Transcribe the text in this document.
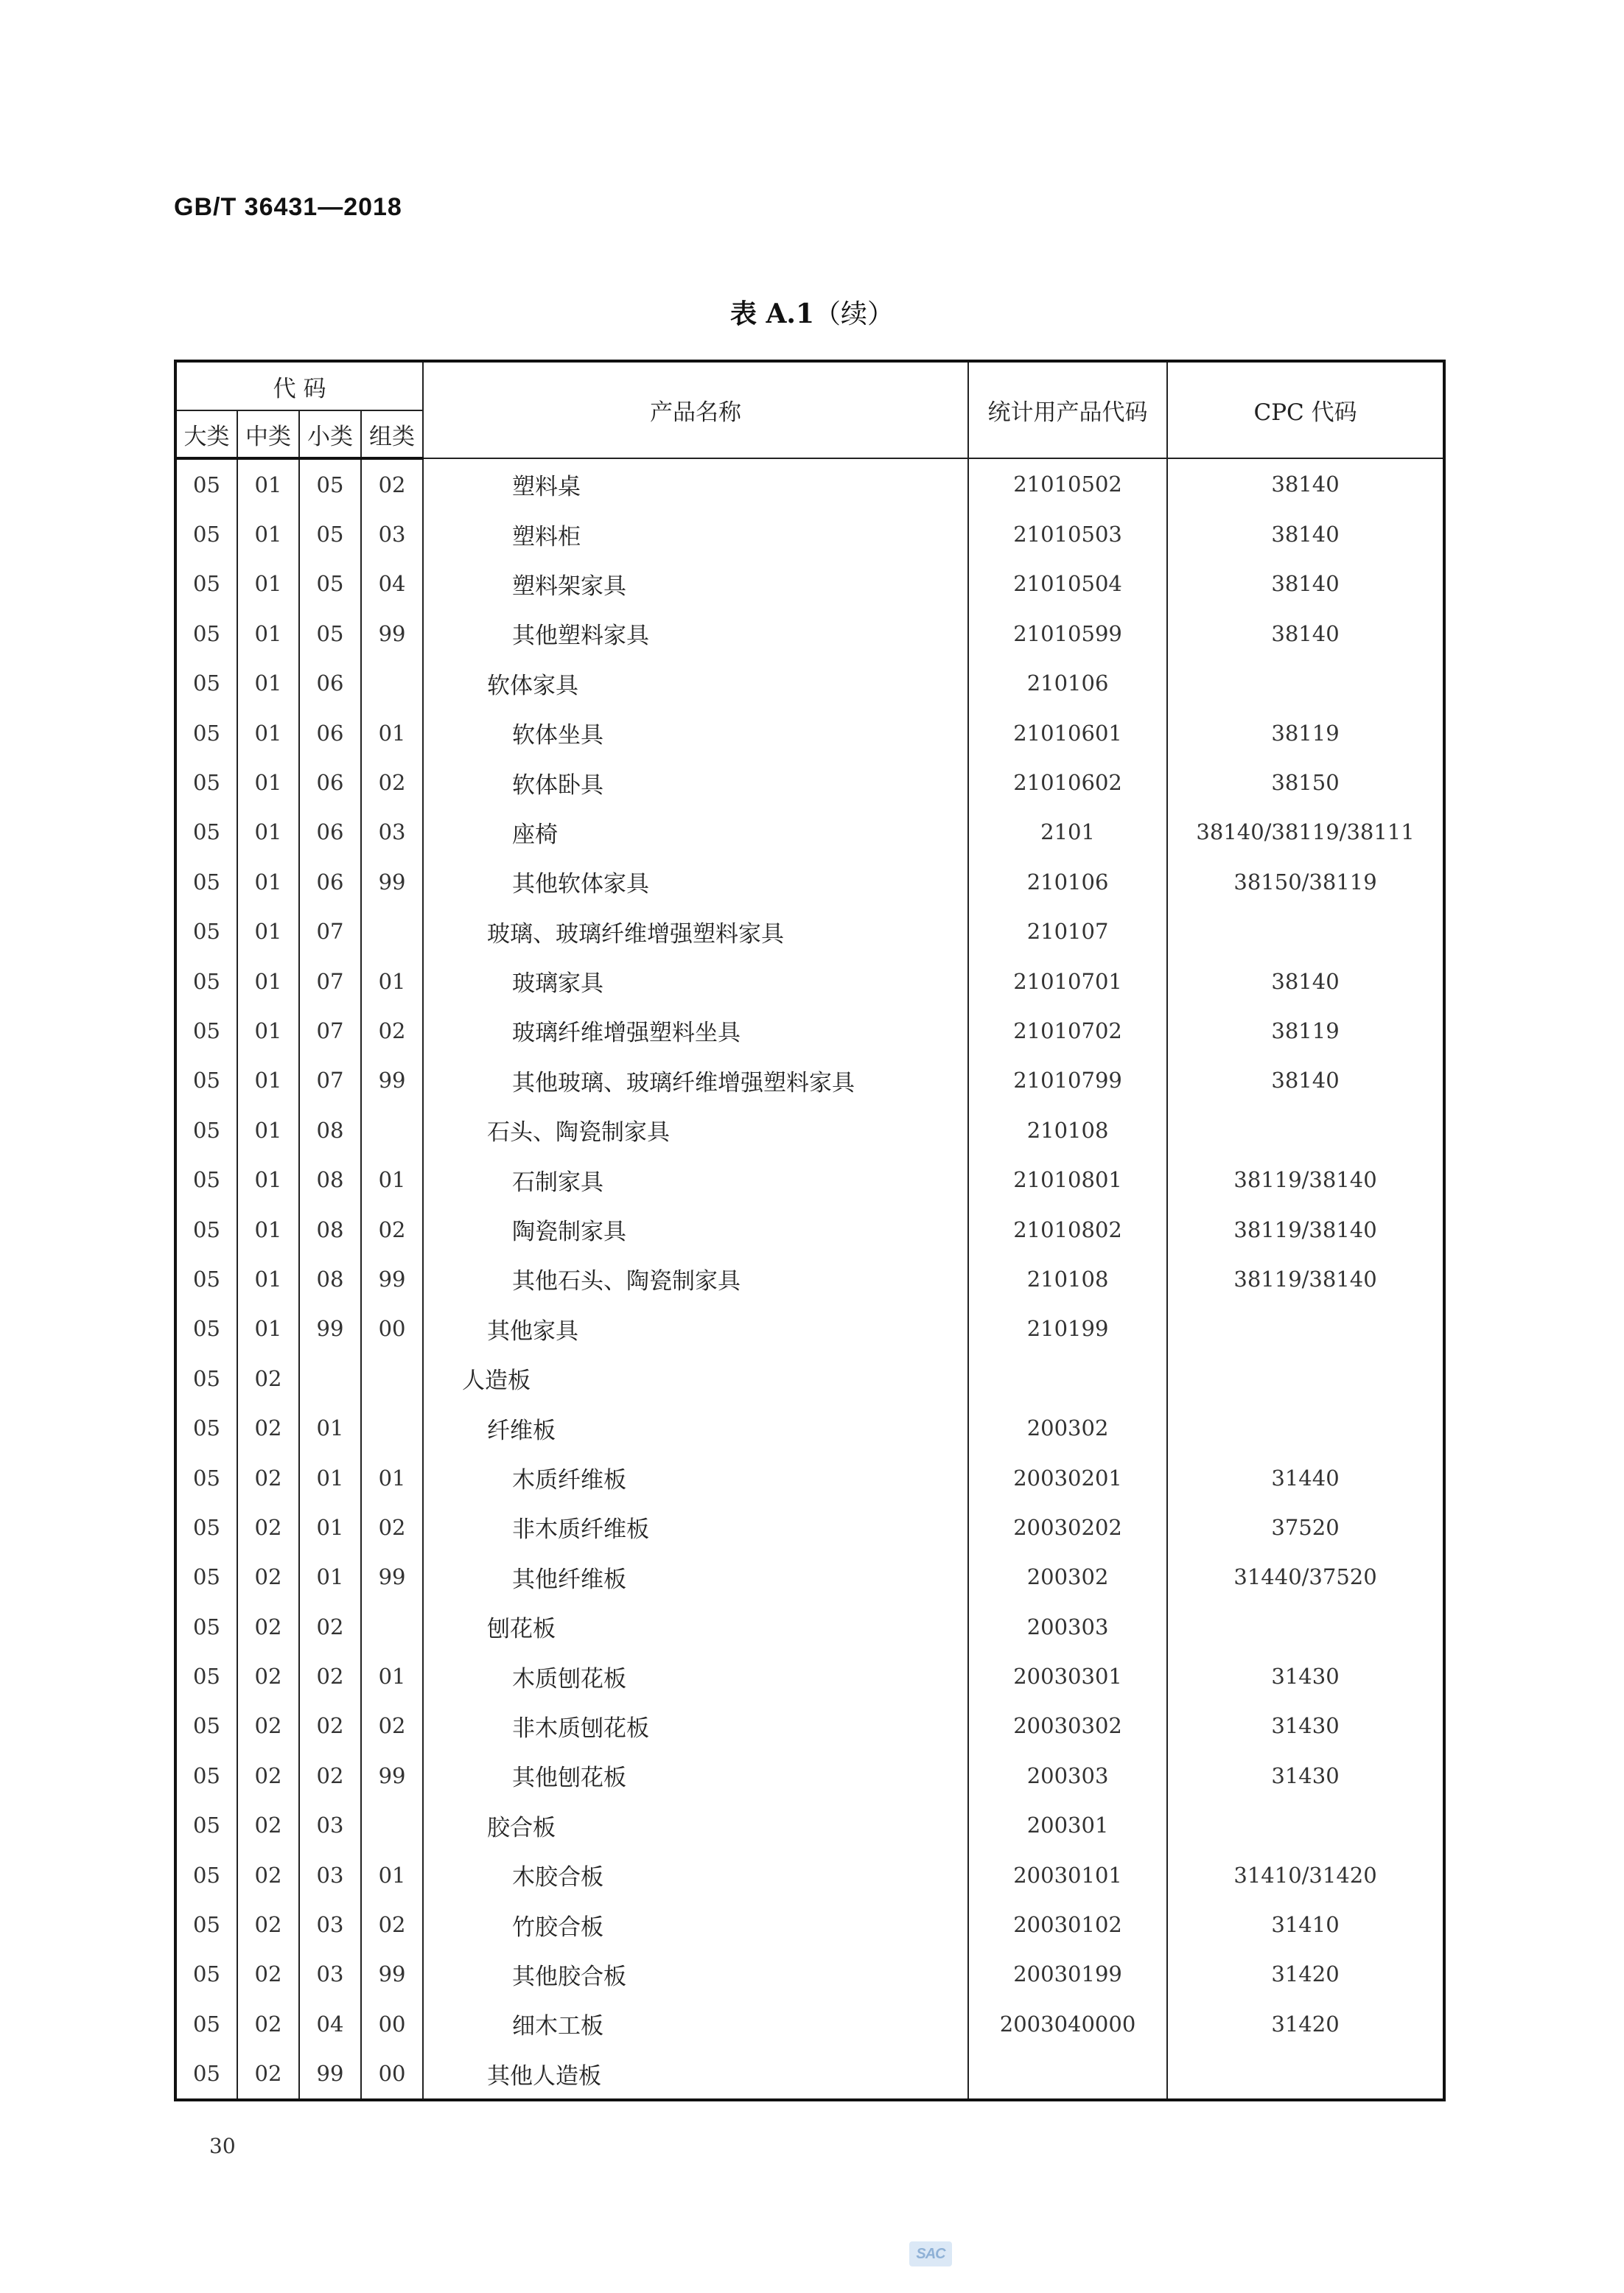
GB/T 36431—2018
表 A.1（续）
代 码				产品名称	统计用产品代码	CPC 代码
大类	中类	小类	组类			
05	01	05	02	塑料桌	21010502	38140
05	01	05	03	塑料柜	21010503	38140
05	01	05	04	塑料架家具	21010504	38140
05	01	05	99	其他塑料家具	21010599	38140
05	01	06		软体家具	210106	
05	01	06	01	软体坐具	21010601	38119
05	01	06	02	软体卧具	21010602	38150
05	01	06	03	座椅	2101	38140/38119/38111
05	01	06	99	其他软体家具	210106	38150/38119
05	01	07		玻璃、玻璃纤维增强塑料家具	210107	
05	01	07	01	玻璃家具	21010701	38140
05	01	07	02	玻璃纤维增强塑料坐具	21010702	38119
05	01	07	99	其他玻璃、玻璃纤维增强塑料家具	21010799	38140
05	01	08		石头、陶瓷制家具	210108	
05	01	08	01	石制家具	21010801	38119/38140
05	01	08	02	陶瓷制家具	21010802	38119/38140
05	01	08	99	其他石头、陶瓷制家具	210108	38119/38140
05	01	99	00	其他家具	210199	
05	02			人造板		
05	02	01		纤维板	200302	
05	02	01	01	木质纤维板	20030201	31440
05	02	01	02	非木质纤维板	20030202	37520
05	02	01	99	其他纤维板	200302	31440/37520
05	02	02		刨花板	200303	
05	02	02	01	木质刨花板	20030301	31430
05	02	02	02	非木质刨花板	20030302	31430
05	02	02	99	其他刨花板	200303	31430
05	02	03		胶合板	200301	
05	02	03	01	木胶合板	20030101	31410/31420
05	02	03	02	竹胶合板	20030102	31410
05	02	03	99	其他胶合板	20030199	31420
05	02	04	00	细木工板	2003040000	31420
05	02	99	00	其他人造板		
30
SAC
